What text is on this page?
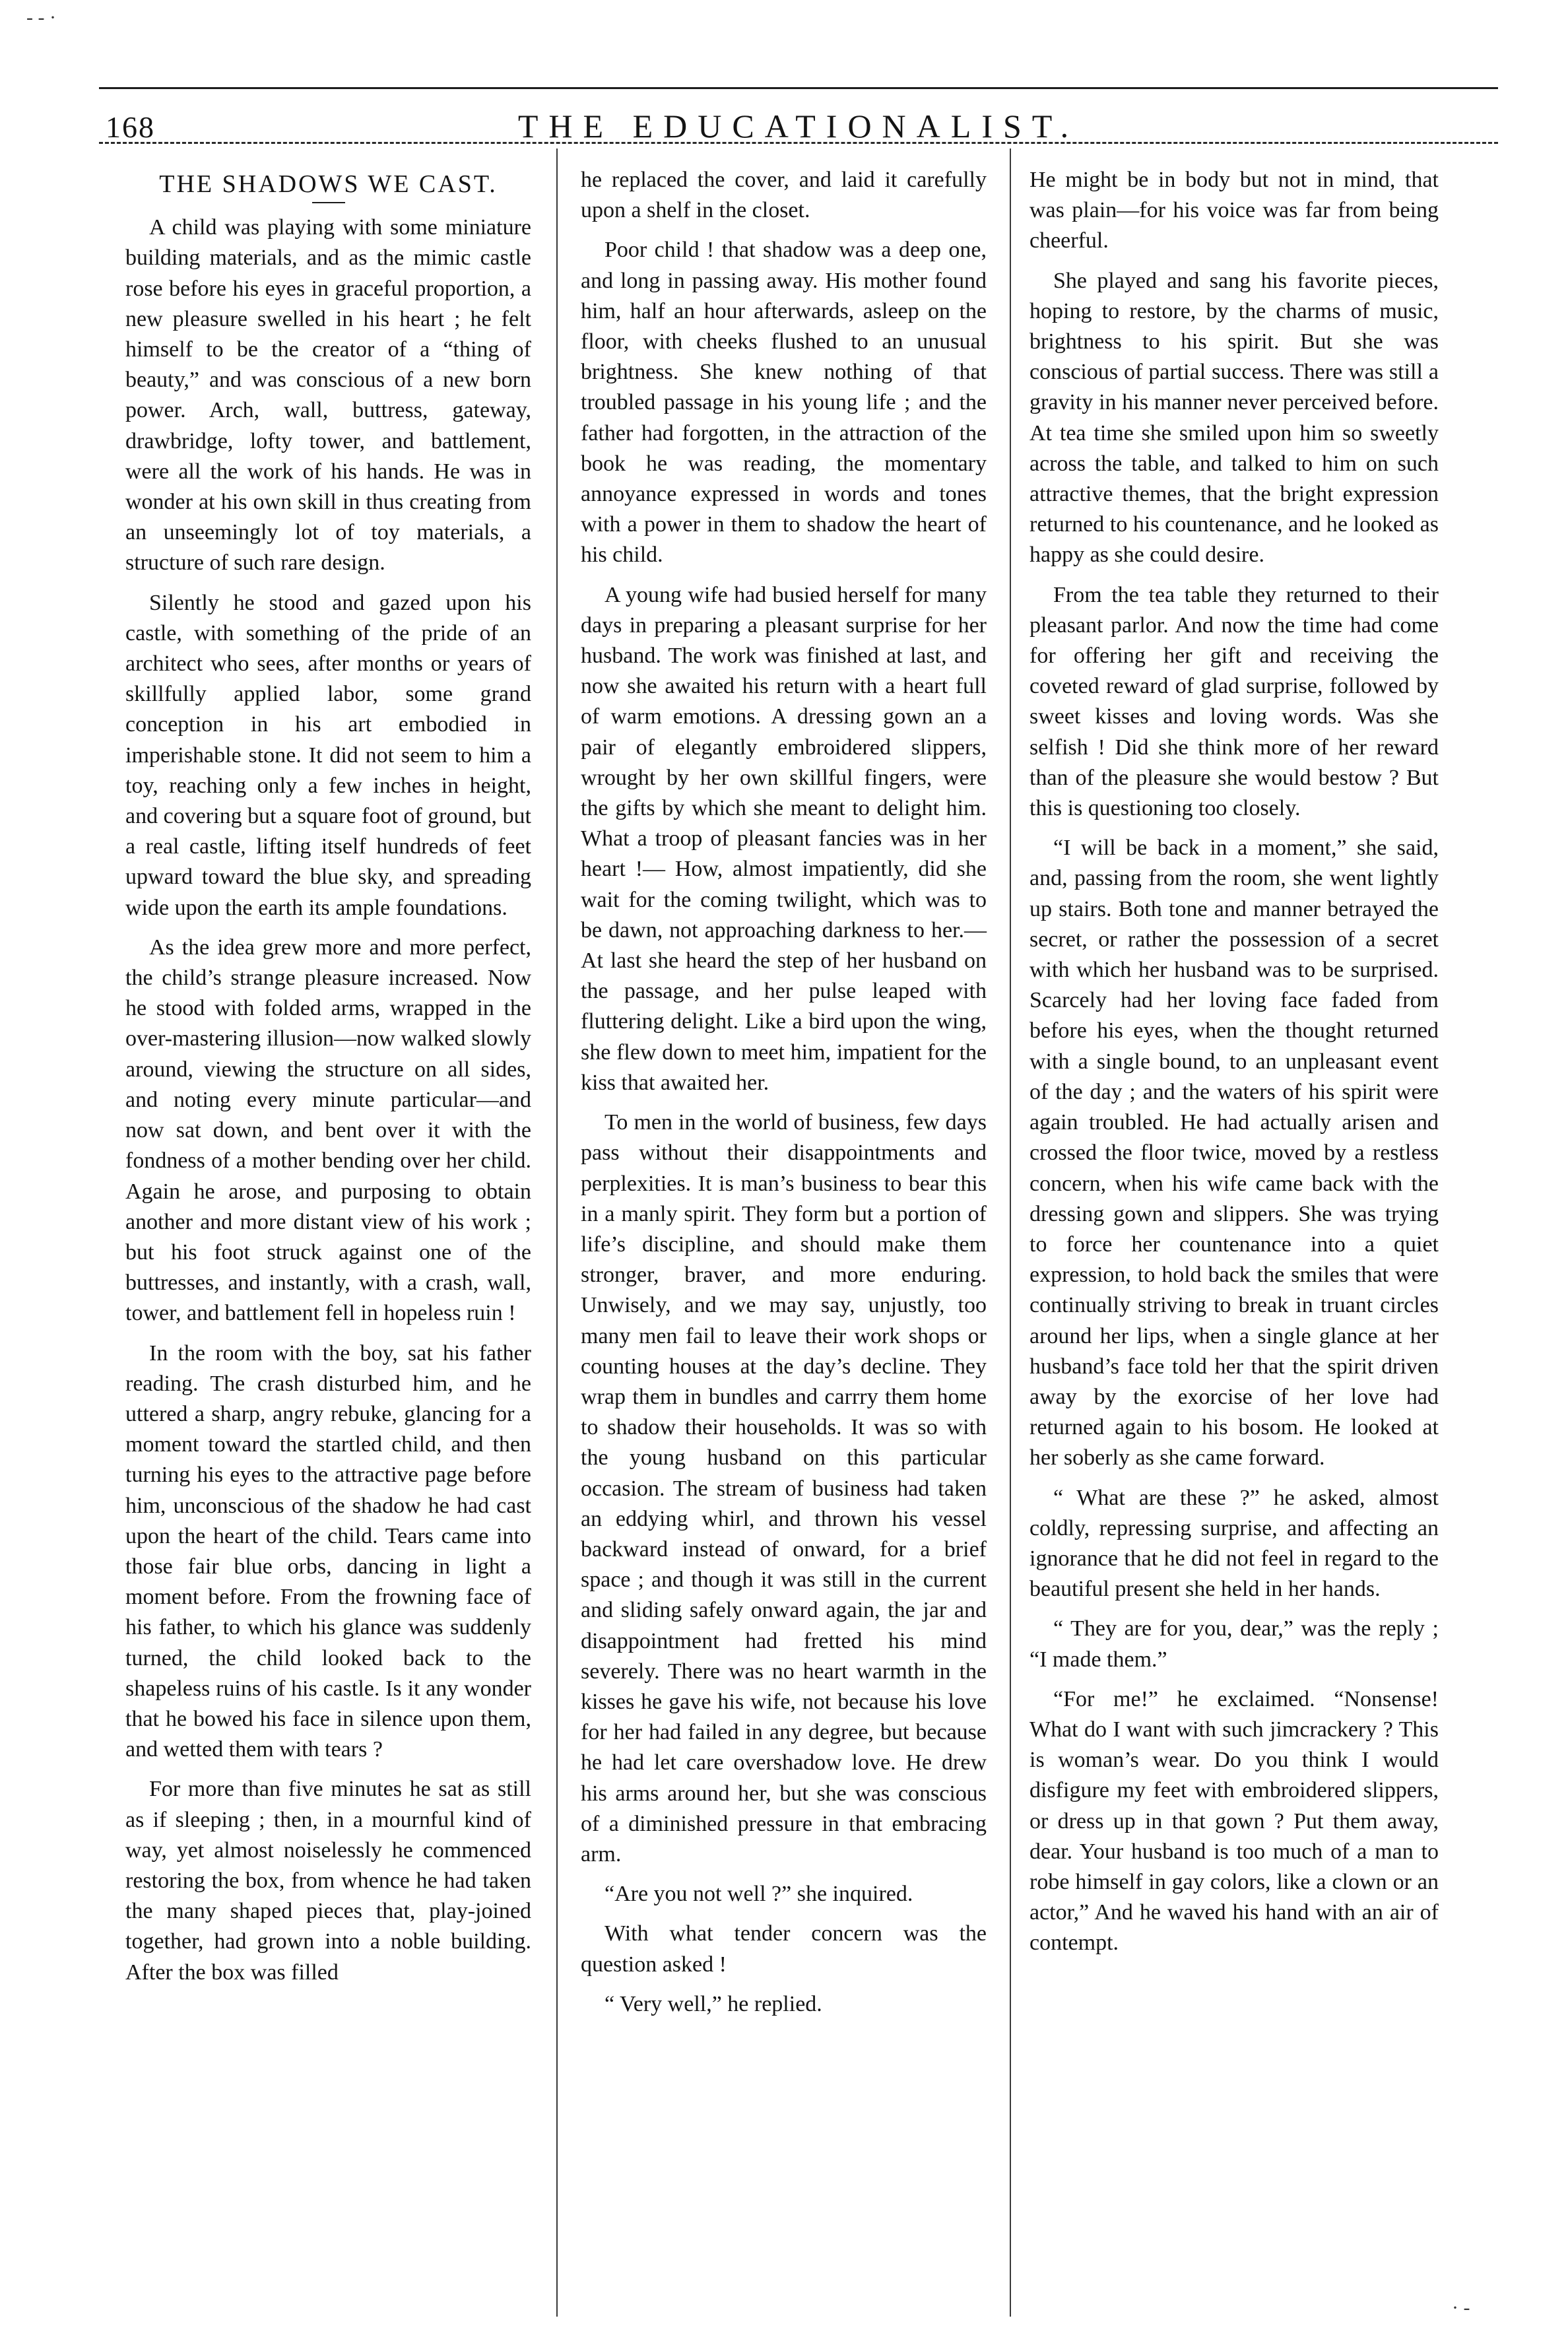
168	THE EDUCATIONALIST.
THE SHADOWS WE CAST.

A child was playing with some miniature building materials, and as the mimic castle rose before his eyes in graceful proportion, a new pleasure swelled in his heart ; he felt himself to be the creator of a “thing of beauty,” and was conscious of a new born power. Arch, wall, buttress, gateway, drawbridge, lofty tower, and battlement, were all the work of his hands. He was in wonder at his own skill in thus creating from an unseemingly lot of toy materials, a structure of such rare design.

Silently he stood and gazed upon his castle, with something of the pride of an architect who sees, after months or years of skillfully applied labor, some grand conception in his art embodied in imperishable stone. It did not seem to him a toy, reaching only a few inches in height, and covering but a square foot of ground, but a real castle, lifting itself hundreds of feet upward toward the blue sky, and spreading wide upon the earth its ample foundations.

As the idea grew more and more perfect, the child’s strange pleasure increased. Now he stood with folded arms, wrapped in the over-mastering illusion—now walked slowly around, viewing the structure on all sides, and noting every minute particular—and now sat down, and bent over it with the fondness of a mother bending over her child. Again he arose, and purposing to obtain another and more distant view of his work ; but his foot struck against one of the buttresses, and instantly, with a crash, wall, tower, and battlement fell in hopeless ruin !

In the room with the boy, sat his father reading. The crash disturbed him, and he uttered a sharp, angry rebuke, glancing for a moment toward the startled child, and then turning his eyes to the attractive page before him, unconscious of the shadow he had cast upon the heart of the child. Tears came into those fair blue orbs, dancing in light a moment before. From the frowning face of his father, to which his glance was suddenly turned, the child looked back to the shapeless ruins of his castle. Is it any wonder that he bowed his face in silence upon them, and wetted them with tears ?

For more than five minutes he sat as still as if sleeping ; then, in a mournful kind of way, yet almost noiselessly he commenced restoring the box, from whence he had taken the many shaped pieces that, play-joined together, had grown into a noble building. After the box was filled

he replaced the cover, and laid it carefully upon a shelf in the closet.

Poor child ! that shadow was a deep one, and long in passing away. His mother found him, half an hour afterwards, asleep on the floor, with cheeks flushed to an unusual brightness. She knew nothing of that troubled passage in his young life ; and the father had forgotten, in the attraction of the book he was reading, the momentary annoyance expressed in words and tones with a power in them to shadow the heart of his child.

A young wife had busied herself for many days in preparing a pleasant surprise for her husband. The work was finished at last, and now she awaited his return with a heart full of warm emotions. A dressing gown an a pair of elegantly embroidered slippers, wrought by her own skillful fingers, were the gifts by which she meant to delight him. What a troop of pleasant fancies was in her heart !— How, almost impatiently, did she wait for the coming twilight, which was to be dawn, not approaching darkness to her.— At last she heard the step of her husband on the passage, and her pulse leaped with fluttering delight. Like a bird upon the wing, she flew down to meet him, impatient for the kiss that awaited her.

To men in the world of business, few days pass without their disappointments and perplexities. It is man’s business to bear this in a manly spirit. They form but a portion of life’s discipline, and should make them stronger, braver, and more enduring. Unwisely, and we may say, unjustly, too many men fail to leave their work shops or counting houses at the day’s decline. They wrap them in bundles and carrry them home to shadow their households. It was so with the young husband on this particular occasion. The stream of business had taken an eddying whirl, and thrown his vessel backward instead of onward, for a brief space ; and though it was still in the current and sliding safely onward again, the jar and disappointment had fretted his mind severely. There was no heart warmth in the kisses he gave his wife, not because his love for her had failed in any degree, but because he had let care overshadow love. He drew his arms around her, but she was conscious of a diminished pressure in that embracing arm.

“Are you not well ?” she inquired.

With what tender concern was the question asked !

“ Very well,” he replied.

He might be in body but not in mind, that was plain—for his voice was far from being cheerful.

She played and sang his favorite pieces, hoping to restore, by the charms of music, brightness to his spirit. But she was conscious of partial success. There was still a gravity in his manner never perceived before. At tea time she smiled upon him so sweetly across the table, and talked to him on such attractive themes, that the bright expression returned to his countenance, and he looked as happy as she could desire.

From the tea table they returned to their pleasant parlor. And now the time had come for offering her gift and receiving the coveted reward of glad surprise, followed by sweet kisses and loving words. Was she selfish ! Did she think more of her reward than of the pleasure she would bestow ? But this is questioning too closely.

“I will be back in a moment,” she said, and, passing from the room, she went lightly up stairs. Both tone and manner betrayed the secret, or rather the possession of a secret with which her husband was to be surprised. Scarcely had her loving face faded from before his eyes, when the thought returned with a single bound, to an unpleasant event of the day ; and the waters of his spirit were again troubled. He had actually arisen and crossed the floor twice, moved by a restless concern, when his wife came back with the dressing gown and slippers. She was trying to force her countenance into a quiet expression, to hold back the smiles that were continually striving to break in truant circles around her lips, when a single glance at her husband’s face told her that the spirit driven away by the exorcise of her love had returned again to his bosom. He looked at her soberly as she came forward.

“ What are these ?” he asked, almost coldly, repressing surprise, and affecting an ignorance that he did not feel in regard to the beautiful present she held in her hands.

“ They are for you, dear,” was the reply ; “I made them.”

“For me!” he exclaimed. “Nonsense! What do I want with such jimcrackery ? This is woman’s wear. Do you think I would disfigure my feet with embroidered slippers, or dress up in that gown ? Put them away, dear. Your husband is too much of a man to robe himself in gay colors, like a clown or an actor,” And he waved his hand with an air of contempt.

‐ ‐ ·
· ‐
